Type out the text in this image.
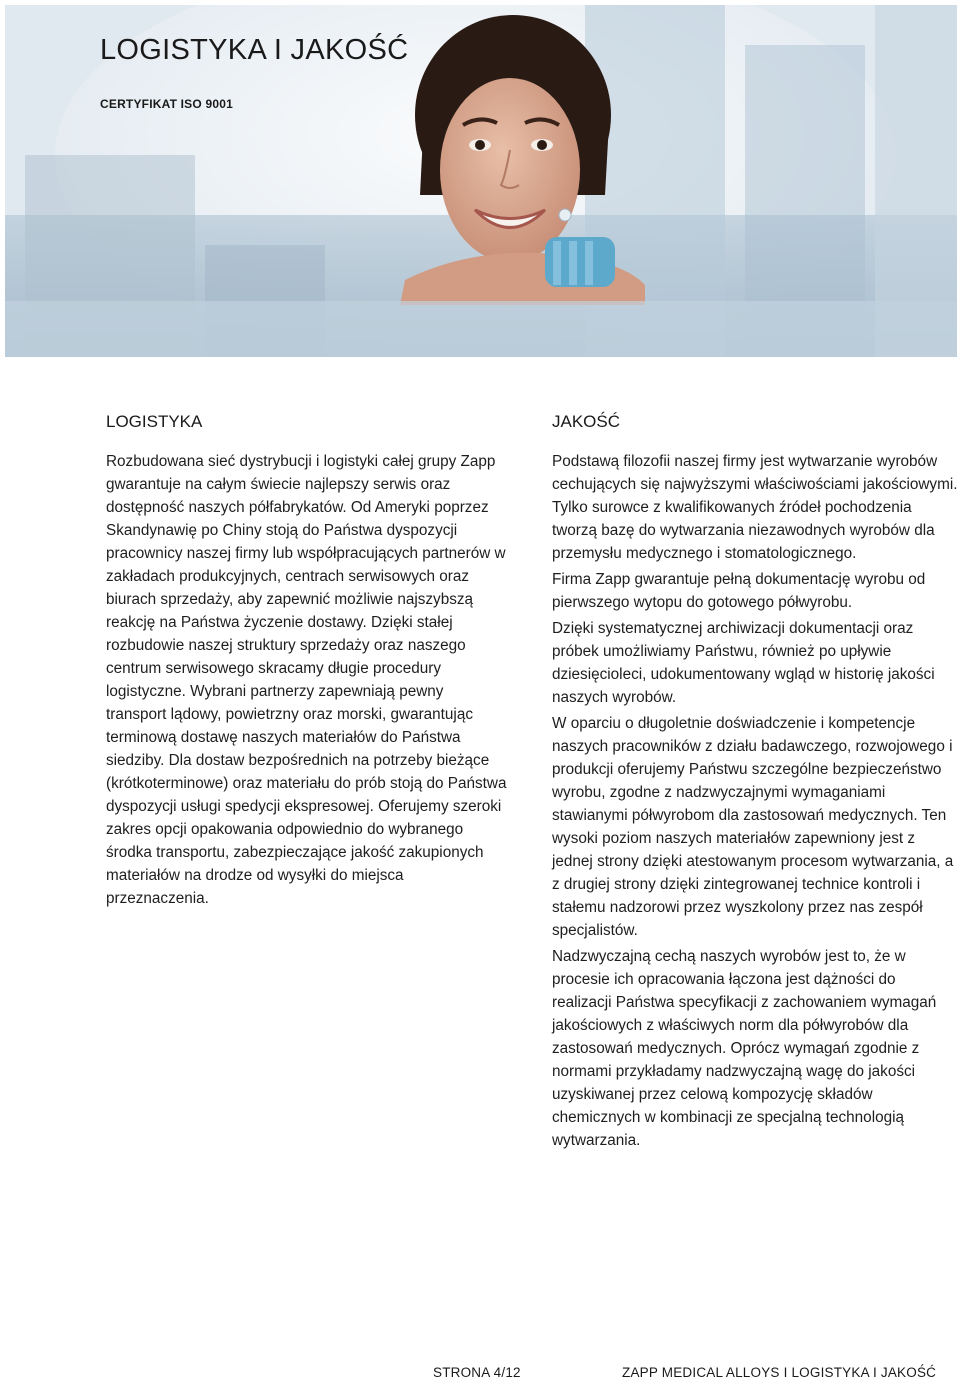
LOGISTYKA I JAKOŚĆ
CERTYFIKAT ISO 9001
LOGISTYKA

Rozbudowana sieć dystrybucji i logistyki całej grupy Zapp gwarantuje na całym świecie najlepszy serwis oraz dostępność naszych półfabrykatów. Od Ameryki poprzez Skandynawię po Chiny stoją do Państwa dyspozycji pracownicy naszej firmy lub współpracujących partnerów w zakładach produkcyjnych, centrach serwisowych oraz biurach sprzedaży, aby zapewnić możliwie najszybszą reakcję na Państwa życzenie dostawy. Dzięki stałej rozbudowie naszej struktury sprzedaży oraz naszego centrum serwisowego skracamy długie procedury logistyczne. Wybrani partnerzy zapewniają pewny transport lądowy, powietrzny oraz morski, gwarantując terminową dostawę naszych materiałów do Państwa siedziby. Dla dostaw bezpośrednich na potrzeby bieżące (krótkoterminowe) oraz materiału do prób stoją do Państwa dyspozycji usługi spedycji ekspresowej. Oferujemy szeroki zakres opcji opakowania odpowiednio do wybranego środka transportu, zabezpieczające jakość zakupionych materiałów na drodze od wysyłki do miejsca przeznaczenia.

JAKOŚĆ

Podstawą filozofii naszej firmy jest wytwarzanie wyrobów cechujących się najwyższymi właściwościami jakościowymi. Tylko surowce z kwalifikowanych źródeł pochodzenia tworzą bazę do wytwarzania niezawodnych wyrobów dla przemysłu medycznego i stomatologicznego.

Firma Zapp gwarantuje pełną dokumentację wyrobu od pierwszego wytopu do gotowego półwyrobu.

Dzięki systematycznej archiwizacji dokumentacji oraz próbek umożliwiamy Państwu, również po upływie dziesięcioleci, udokumentowany wgląd w historię jakości naszych wyrobów.

W oparciu o długoletnie doświadczenie i kompetencje naszych pracowników z działu badawczego, rozwojowego i produkcji oferujemy Państwu szczególne bezpieczeństwo wyrobu, zgodne z nadzwyczajnymi wymaganiami stawianymi półwyrobom dla zastosowań medycznych. Ten wysoki poziom naszych materiałów zapewniony jest z jednej strony dzięki atestowanym procesom wytwarzania, a z drugiej strony dzięki zintegrowanej technice kontroli i stałemu nadzorowi przez wyszkolony przez nas zespół specjalistów.

Nadzwyczajną cechą naszych wyrobów jest to, że w procesie ich opracowania łączona jest dążności do realizacji Państwa specyfikacji z zachowaniem wymagań jakościowych z właściwych norm dla półwyrobów dla zastosowań medycznych. Oprócz wymagań zgodnie z normami przykładamy nadzwyczajną wagę do jakości uzyskiwanej przez celową kompozycję składów chemicznych w kombinacji ze specjalną technologią wytwarzania.

STRONA 4/12	ZAPP MEDICAL ALLOYS I LOGISTYKA I JAKOŚĆ
